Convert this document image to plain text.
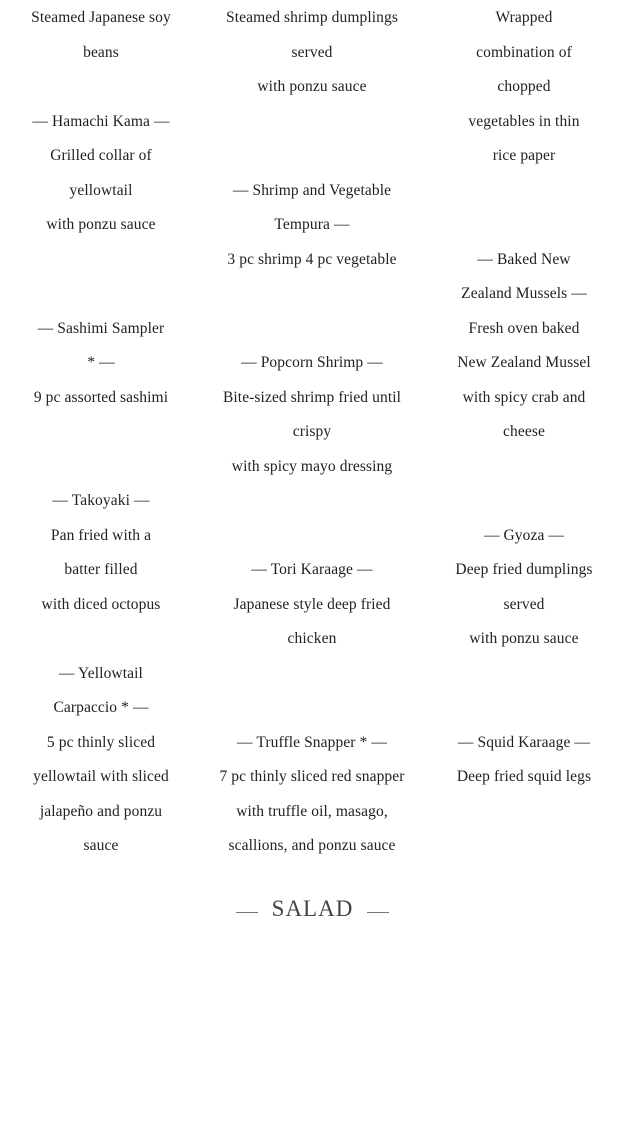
Steamed Japanese soy
beans
— Hamachi Kama —
Grilled collar of
yellowtail
with ponzu sauce
— Sashimi Sampler
* —
9 pc assorted sashimi
— Takoyaki —
Pan fried with a
batter filled
with diced octopus
— Yellowtail
Carpaccio * —
5 pc thinly sliced
yellowtail with sliced
jalapeño and ponzu
sauce
Steamed shrimp dumplings
served
with ponzu sauce
— Shrimp and Vegetable
Tempura —
3 pc shrimp 4 pc vegetable
— Popcorn Shrimp —
Bite-sized shrimp fried until
crispy
with spicy mayo dressing
— Tori Karaage —
Japanese style deep fried
chicken
— Truffle Snapper * —
7 pc thinly sliced red snapper
with truffle oil, masago,
scallions, and ponzu sauce
Wrapped
combination of
chopped
vegetables in thin
rice paper
— Baked New
Zealand Mussels —
Fresh oven baked
New Zealand Mussel
with spicy crab and
cheese
— Gyoza —
Deep fried dumplings
served
with ponzu sauce
— Squid Karaage —
Deep fried squid legs
SALAD
